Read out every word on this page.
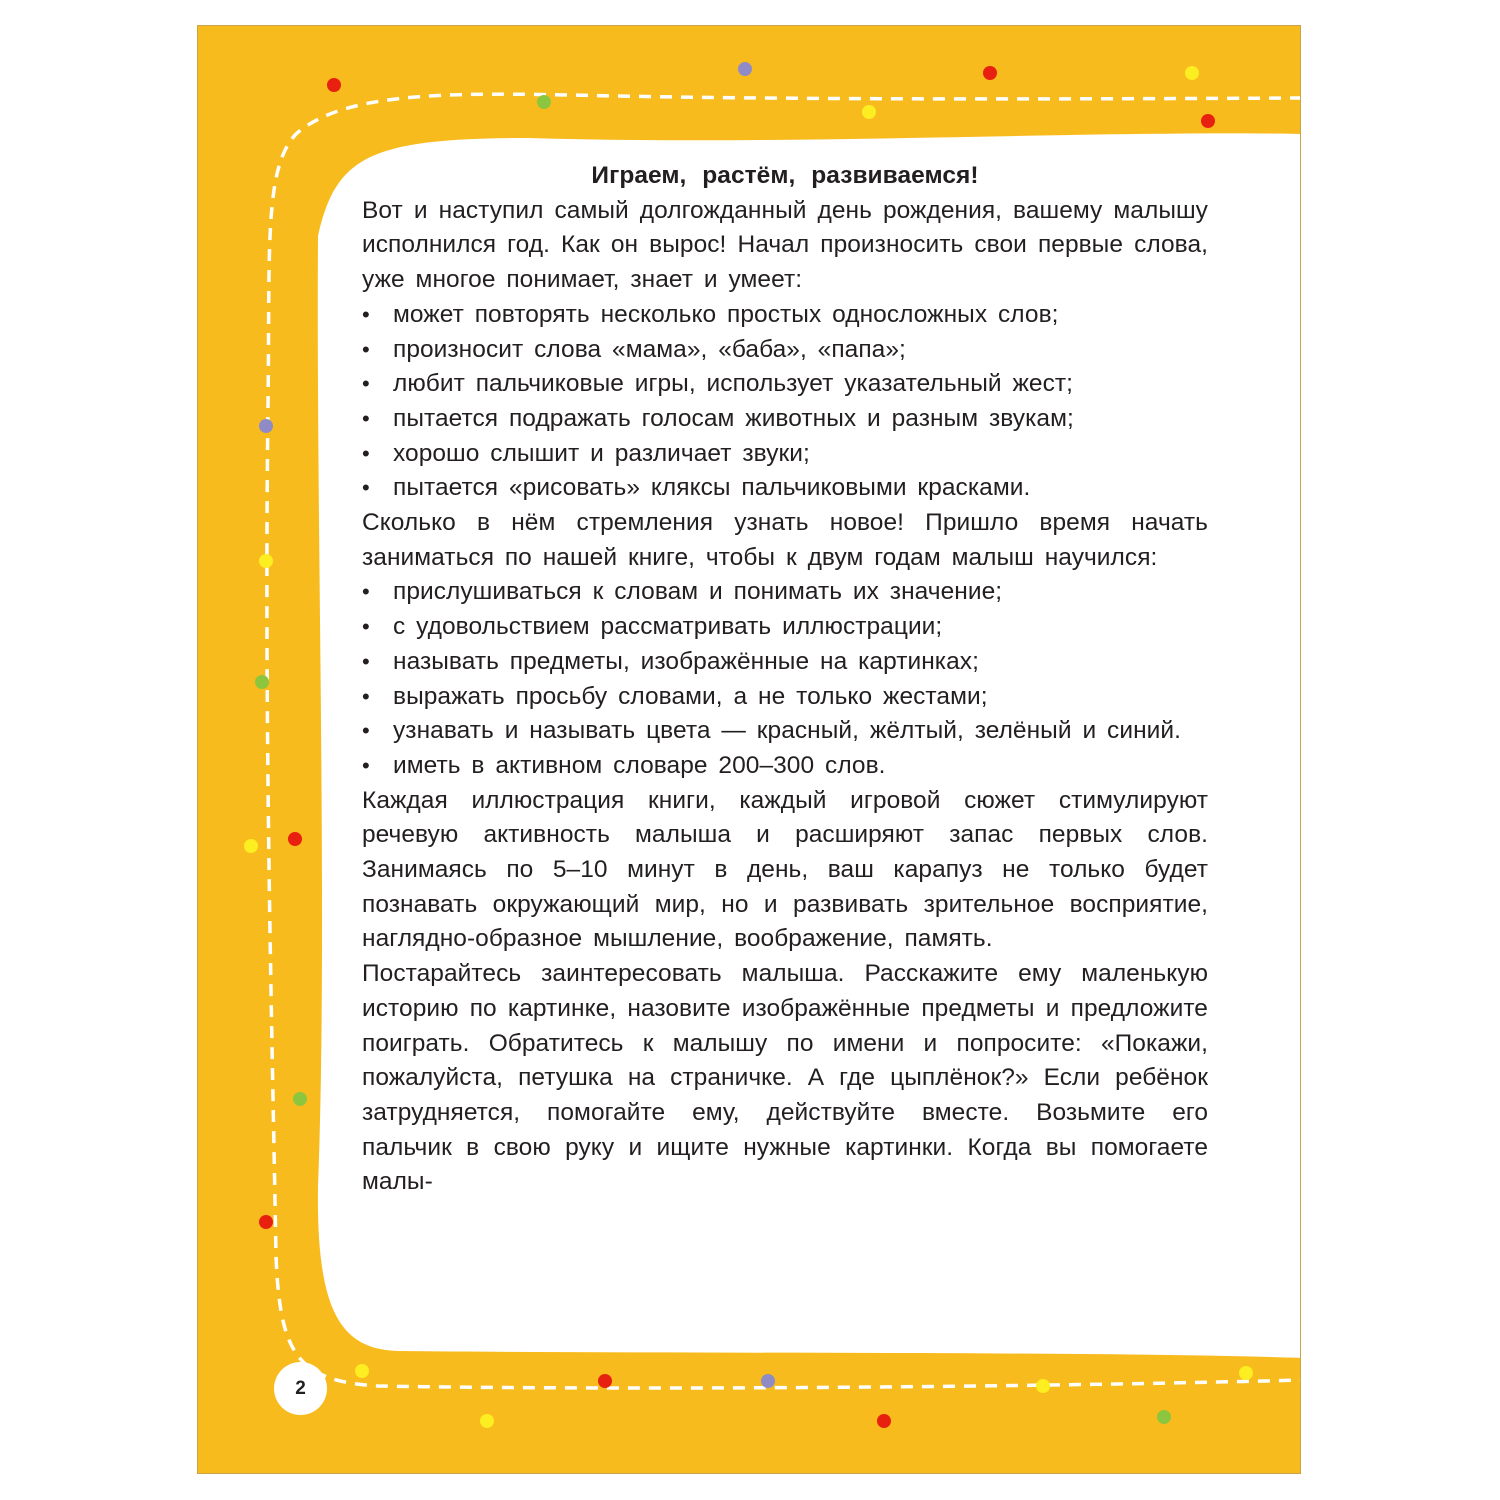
Играем, растём, развиваемся!

Вот и наступил самый долгожданный день рождения, вашему малышу исполнился год. Как он вырос! Начал произносить свои первые слова, уже многое понимает, знает и умеет:

• может повторять несколько простых односложных слов;
• произносит слова «мама», «баба», «папа»;
• любит пальчиковые игры, использует указательный жест;
• пытается подражать голосам животных и разным звукам;
• хорошо слышит и различает звуки;
• пытается «рисовать» кляксы пальчиковыми красками.

Сколько в нём стремления узнать новое! Пришло время начать заниматься по нашей книге, чтобы к двум годам малыш научился:

• прислушиваться к словам и понимать их значение;
• с удовольствием рассматривать иллюстрации;
• называть предметы, изображённые на картинках;
• выражать просьбу словами, а не только жестами;
• узнавать и называть цвета — красный, жёлтый, зелёный и синий.
• иметь в активном словаре 200–300 слов.

Каждая иллюстрация книги, каждый игровой сюжет стимулируют речевую активность малыша и расширяют запас первых слов. Занимаясь по 5–10 минут в день, ваш карапуз не только будет познавать окружающий мир, но и развивать зрительное восприятие, наглядно-образное мышление, воображение, память.

Постарайтесь заинтересовать малыша. Расскажите ему маленькую историю по картинке, назовите изображённые предметы и предложите поиграть. Обратитесь к малышу по имени и попросите: «Покажи, пожалуйста, петушка на страничке. А где цыплёнок?» Если ребёнок затрудняется, помогайте ему, действуйте вместе. Возьмите его пальчик в свою руку и ищите нужные картинки. Когда вы помогаете малы-

2
